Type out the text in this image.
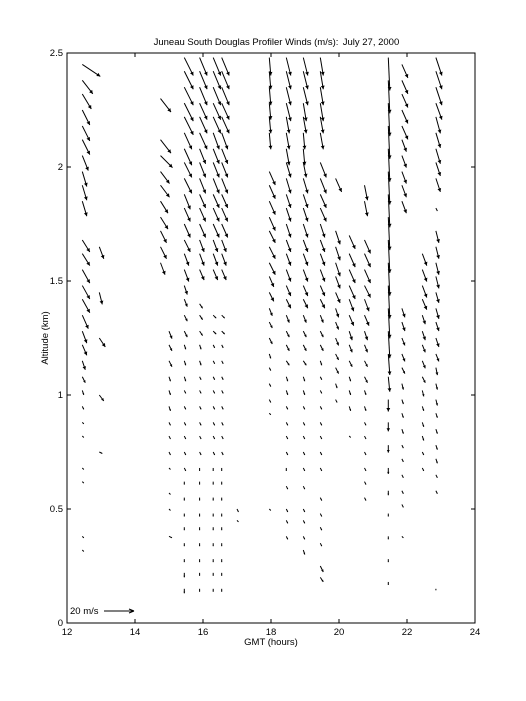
Juneau South Douglas Profiler Winds (m/s): July 27, 2000
12	14	16	18	20	22	24
0
0.5
1
1.5
2
2.5
GMT (hours)
Altitude (km)
20 m/s
